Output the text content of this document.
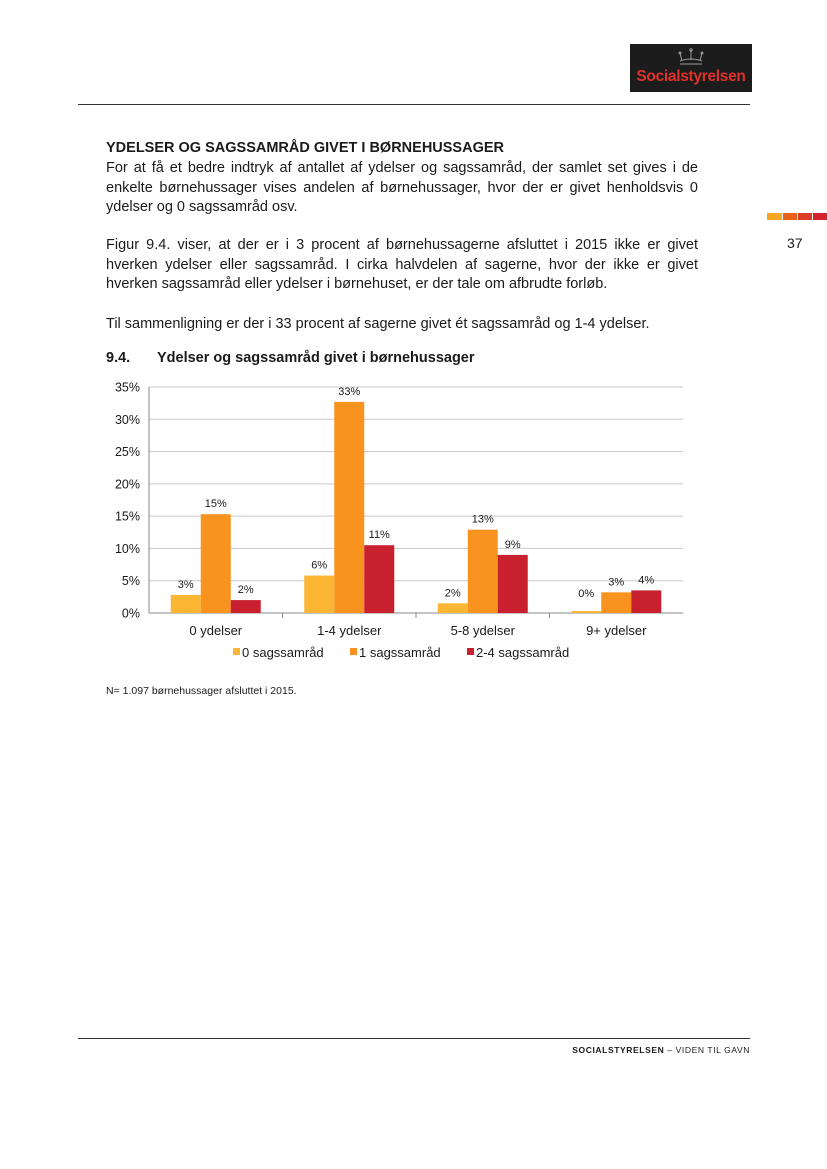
Socialstyrelsen
37
YDELSER OG SAGSSAMRÅD GIVET I BØRNEHUSSAGER
For at få et bedre indtryk af antallet af ydelser og sagssamråd, der samlet set gives i de enkelte børnehussager vises andelen af børnehussager, hvor der er givet henholdsvis 0 ydelser og 0 sagssamråd osv.
Figur 9.4. viser, at der er i 3 procent af børnehussagerne afsluttet i 2015 ikke er givet hverken ydelser eller sagssamråd. I cirka halvdelen af sagerne, hvor der ikke er givet hverken sagssamråd eller ydelser i børnehuset, er der tale om afbrudte forløb.
Til sammenligning er der i 33 procent af sagerne givet ét sagssamråd og 1-4 ydelser.
9.4. Ydelser og sagssamråd givet i børnehussager
0%
5%
10%
15%
20%
25%
30%
35%
3%
15%
2%
0 ydelser
6%
33%
11%
1-4 ydelser
2%
13%
9%
5-8 ydelser
0%
3% 4%
9+ ydelser
0 sagssamråd	1 sagssamråd	2-4 sagssamråd
N= 1.097 børnehussager afsluttet i 2015.
SOCIALSTYRELSEN – VIDEN TIL GAVN
